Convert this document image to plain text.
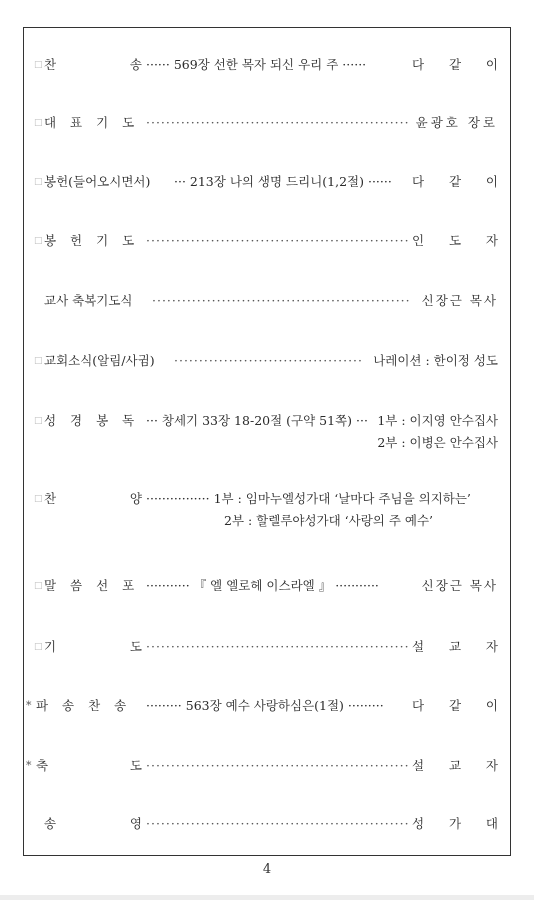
□ 찬	송 ······ 569장 선한 목자 되신 우리 주 ······	다 같 이
□ 대 표 기 도 ·····	윤광호 장로
□ 봉헌(들어오시면서) ··· 213장 나의 생명 드리니(1,2절) ······ 다 같 이
□ 봉 헌 기 도 ·····	인 도 자
교사 축복기도식 ·····	신장근 목사
□ 교회소식(알림/사귐) ·····	나레이션 : 한이정 성도
□ 성 경 봉 독 ··· 창세기 33장 18-20절 (구약 51쪽) ··· 1부 : 이지영 안수집사
2부 : 이병은 안수집사
□ 찬	양 ················ 1부 : 임마누엘성가대 ‘날마다 주님을 의지하는’
2부 : 할렐루야성가대 ‘사랑의 주 예수’
□ 말 씀 선 포 ··········· 『 엘 엘로헤 이스라엘 』 ···········	신장근 목사
□ 기	도 ·····	설 교 자
* 파 송 찬 송 ········· 563장 예수 사랑하심은(1절) ········· 다 같 이
* 축	도 ·····	설 교 자
송	영 ·····	성 가 대
4
